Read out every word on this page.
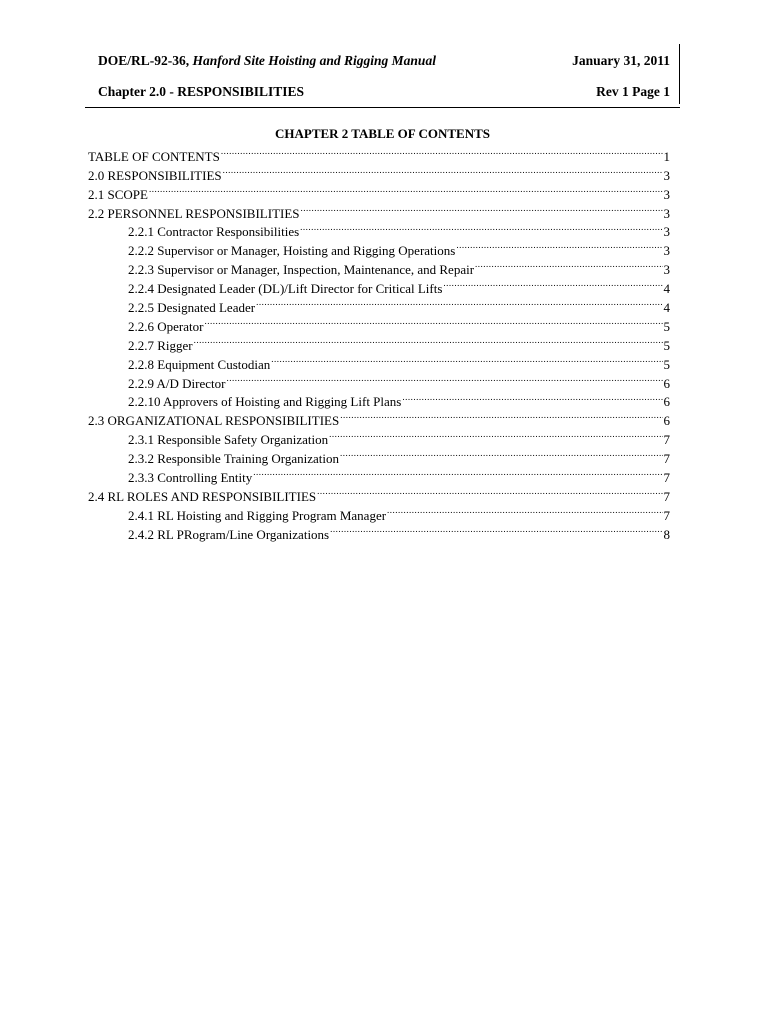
DOE/RL-92-36, Hanford Site Hoisting and Rigging Manual	January 31, 2011
Chapter 2.0 - RESPONSIBILITIES	Rev 1 Page 1
CHAPTER 2 TABLE OF CONTENTS
TABLE OF CONTENTS .....	1
2.0 RESPONSIBILITIES .....	3
2.1 SCOPE .....	3
2.2 PERSONNEL RESPONSIBILITIES .....	3
2.2.1 Contractor Responsibilities .....	3
2.2.2 Supervisor or Manager, Hoisting and Rigging Operations .....	3
2.2.3 Supervisor or Manager, Inspection, Maintenance, and Repair .....	3
2.2.4 Designated Leader (DL)/Lift Director for Critical Lifts .....	4
2.2.5 Designated Leader .....	4
2.2.6 Operator .....	5
2.2.7 Rigger .....	5
2.2.8 Equipment Custodian .....	5
2.2.9 A/D Director .....	6
2.2.10 Approvers of Hoisting and Rigging Lift Plans .....	6
2.3 ORGANIZATIONAL RESPONSIBILITIES .....	6
2.3.1 Responsible Safety Organization .....	7
2.3.2 Responsible Training Organization .....	7
2.3.3 Controlling Entity .....	7
2.4 RL ROLES AND RESPONSIBILITIES .....	7
2.4.1 RL Hoisting and Rigging Program Manager .....	7
2.4.2 RL PRogram/Line Organizations .....	8
